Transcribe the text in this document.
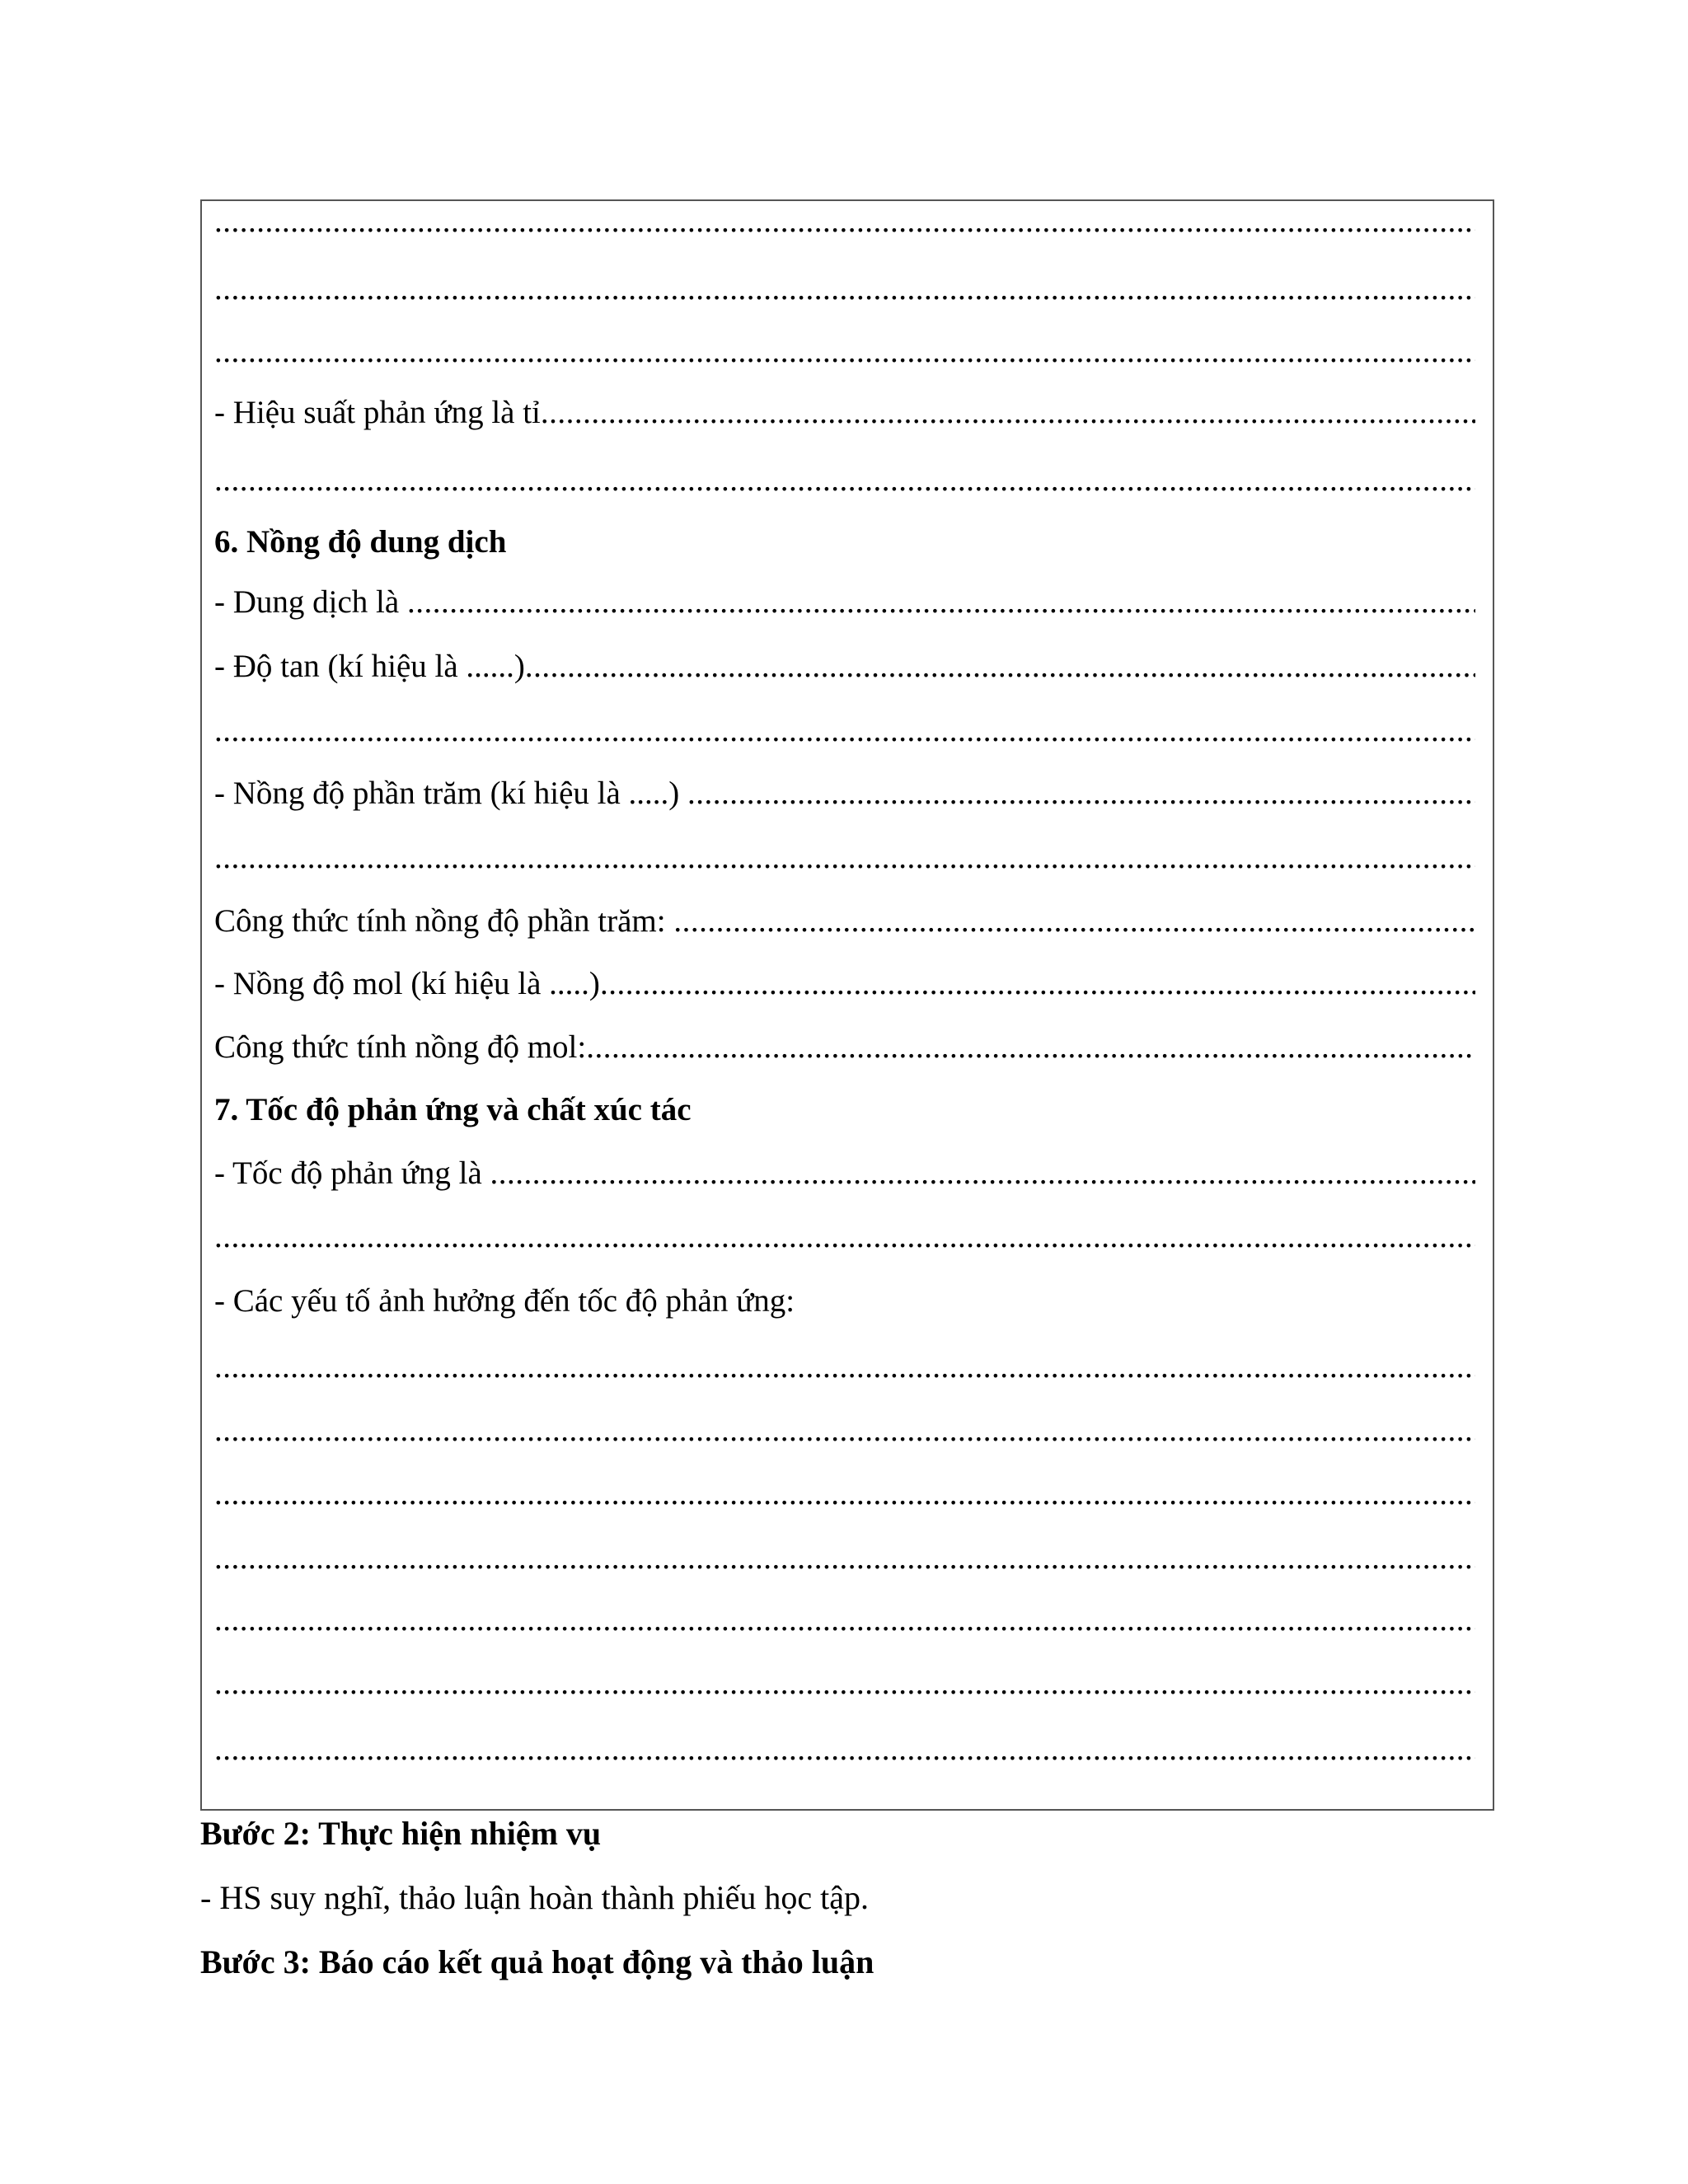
.....
.....
.....
- Hiệu suất phản ứng là tỉ
.....
.....
6. Nồng độ dung dịch
- Dung dịch là
.....
- Độ tan (kí hiệu là ......)
.....
.....
- Nồng độ phần trăm (kí hiệu là .....)
.....
.....
Công thức tính nồng độ phần trăm:
.....
- Nồng độ mol (kí hiệu là .....)
.....
Công thức tính nồng độ mol:
.....
7. Tốc độ phản ứng và chất xúc tác
- Tốc độ phản ứng là
.....
.....
- Các yếu tố ảnh hưởng đến tốc độ phản ứng:
.....
.....
.....
.....
.....
.....
.....
Bước 2: Thực hiện nhiệm vụ
- HS suy nghĩ, thảo luận hoàn thành phiếu học tập.
Bước 3: Báo cáo kết quả hoạt động và thảo luận
